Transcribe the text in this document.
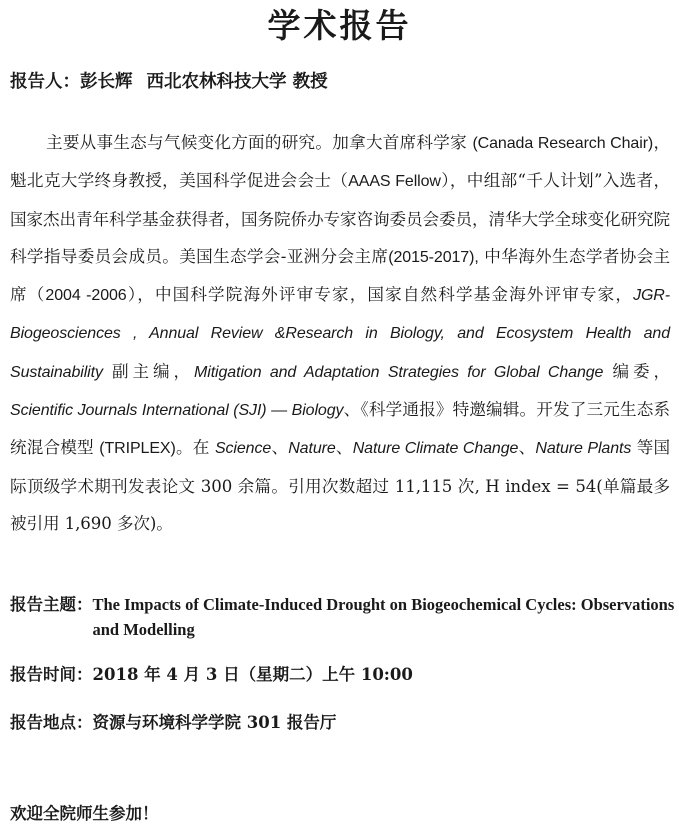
学术报告
报告人：彭长辉 西北农林科技大学 教授
主要从事生态与气候变化方面的研究。加拿大首席科学家 (Canada Research Chair)，魁北克大学终身教授，美国科学促进会会士（AAAS Fellow），中组部“千人计划”入选者，国家杰出青年科学基金获得者，国务院侨办专家咨询委员会委员，清华大学全球变化研究院科学指导委员会成员。美国生态学会-亚洲分会主席(2015-2017), 中华海外生态学者协会主席（2004 -2006），中国科学院海外评审专家，国家自然科学基金海外评审专家，JGR-Biogeosciences , Annual Review &Research in Biology, and Ecosystem Health and Sustainability 副主编，Mitigation and Adaptation Strategies for Global Change 编委，Scientific Journals International (SJI) — Biology、《科学通报》特邀编辑。开发了三元生态系统混合模型 (TRIPLEX)。在 Science、Nature、Nature Climate Change、Nature Plants 等国际顶级学术期刊发表论文 300 余篇。引用次数超过 11,115 次, H index = 54(单篇最多被引用 1,690 多次)。
报告主题： The Impacts of Climate-Induced Drought on Biogeochemical Cycles: Observations and Modelling
报告时间： 2018 年 4 月 3 日（星期二）上午 10:00
报告地点： 资源与环境科学学院 301 报告厅
欢迎全院师生参加！
